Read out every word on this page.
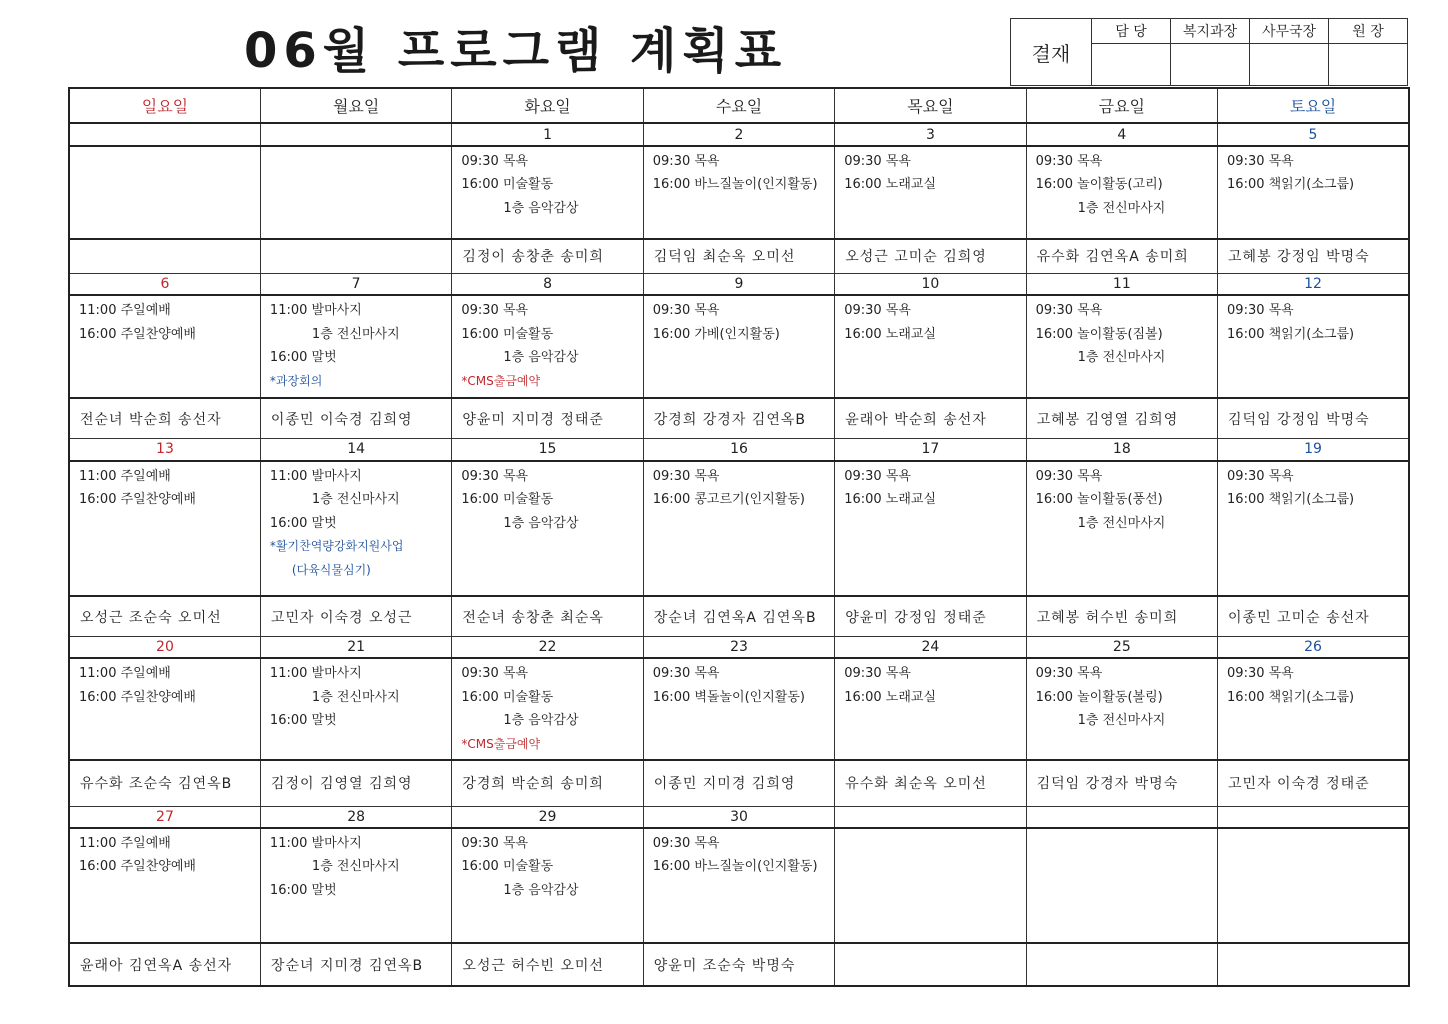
06월 프로그램 계획표	결재	담 당	복지과장	사무국장	원 장

일요일	월요일	화요일	수요일	목요일	금요일	토요일
		1	2	3	4	5

		09:30 목욕
16:00 미술활동
1층 음악감상	09:30 목욕
16:00 바느질놀이(인지활동)	09:30 목욕
16:00 노래교실	09:30 목욕
16:00 놀이활동(고리)
1층 전신마사지	09:30 목욕
16:00 책읽기(소그룹)

		김정이 송창춘 송미희	김덕임 최순옥 오미선	오성근 고미순 김희영	유수화 김연옥A 송미희	고혜봉 강정임 박명숙
6	7	8	9	10	11	12

11:00 주일예배
16:00 주일찬양예배	11:00 발마사지
1층 전신마사지
16:00 말벗
*과장회의	09:30 목욕
16:00 미술활동
1층 음악감상
*CMS출금예약	09:30 목욕
16:00 가베(인지활동)	09:30 목욕
16:00 노래교실	09:30 목욕
16:00 놀이활동(짐볼)
1층 전신마사지	09:30 목욕
16:00 책읽기(소그룹)

전순녀 박순희 송선자	이종민 이숙경 김희영	양윤미 지미경 정태준	강경희 강경자 김연옥B	윤래아 박순희 송선자	고혜봉 김영열 김희영	김덕임 강정임 박명숙
13	14	15	16	17	18	19

11:00 주일예배
16:00 주일찬양예배	11:00 발마사지
1층 전신마사지
16:00 말벗
*활기찬역량강화지원사업
(다육식물심기)	09:30 목욕
16:00 미술활동
1층 음악감상	09:30 목욕
16:00 콩고르기(인지활동)	09:30 목욕
16:00 노래교실	09:30 목욕
16:00 놀이활동(풍선)
1층 전신마사지	09:30 목욕
16:00 책읽기(소그룹)

오성근 조순숙 오미선	고민자 이숙경 오성근	전순녀 송창춘 최순옥	장순녀 김연옥A 김연옥B	양윤미 강정임 정태준	고혜봉 허수빈 송미희	이종민 고미순 송선자
20	21	22	23	24	25	26

11:00 주일예배
16:00 주일찬양예배	11:00 발마사지
1층 전신마사지
16:00 말벗	09:30 목욕
16:00 미술활동
1층 음악감상
*CMS출금예약	09:30 목욕
16:00 벽돌놀이(인지활동)	09:30 목욕
16:00 노래교실	09:30 목욕
16:00 놀이활동(볼링)
1층 전신마사지	09:30 목욕
16:00 책읽기(소그룹)

유수화 조순숙 김연옥B	김정이 김영열 김희영	강경희 박순희 송미희	이종민 지미경 김희영	유수화 최순옥 오미선	김덕임 강경자 박명숙	고민자 이숙경 정태준
27	28	29	30			

11:00 주일예배
16:00 주일찬양예배	11:00 발마사지
1층 전신마사지
16:00 말벗	09:30 목욕
16:00 미술활동
1층 음악감상	09:30 목욕
16:00 바느질놀이(인지활동)			

윤래아 김연옥A 송선자	장순녀 지미경 김연옥B	오성근 허수빈 오미선	양윤미 조순숙 박명숙			
